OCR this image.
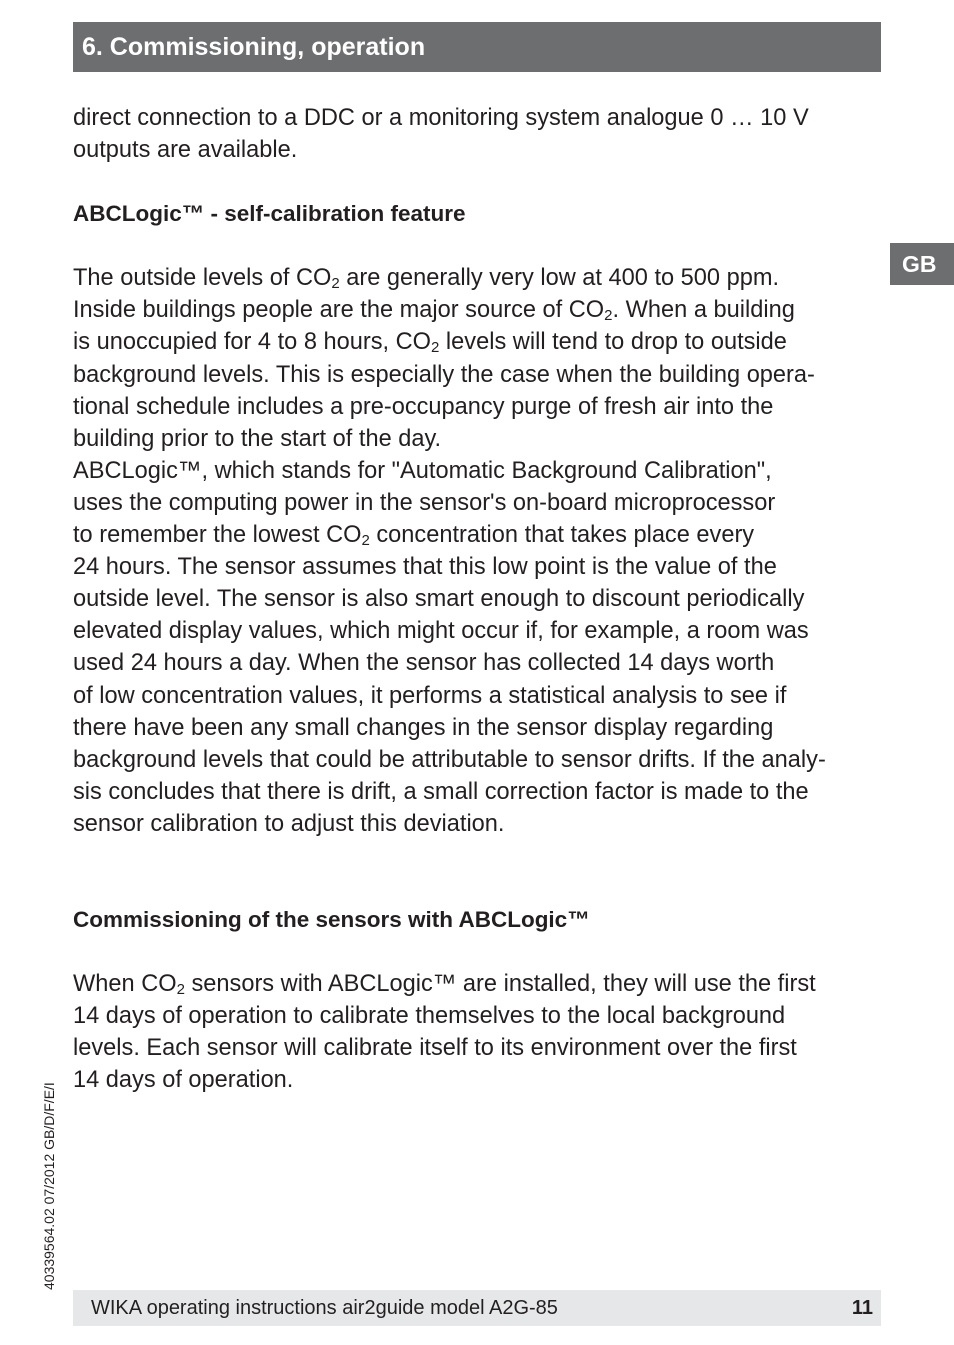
6. Commissioning, operation
GB

direct connection to a DDC or a monitoring system analogue 0 … 10 V

outputs are available.

ABCLogic™ - self-calibration feature

The outside levels of $CO_2$ are generally very low at 400 to 500 ppm.

Inside buildings people are the major source of $CO_2$. When a building

is unoccupied for 4 to 8 hours, $CO_2$ levels will tend to drop to outside

background levels. This is especially the case when the building opera-

tional schedule includes a pre-occupancy purge of fresh air into the

building prior to the start of the day.

ABCLogic™, which stands for "Automatic Background Calibration",

uses the computing power in the sensor's on-board microprocessor

to remember the lowest $CO_2$ concentration that takes place every

24 hours. The sensor assumes that this low point is the value of the

outside level. The sensor is also smart enough to discount periodically

elevated display values, which might occur if, for example, a room was

used 24 hours a day. When the sensor has collected 14 days worth

of low concentration values, it performs a statistical analysis to see if

there have been any small changes in the sensor display regarding

background levels that could be attributable to sensor drifts. If the analy-

sis concludes that there is drift, a small correction factor is made to the

sensor calibration to adjust this deviation.

Commissioning of the sensors with ABCLogic™

When $CO_2$ sensors with ABCLogic™ are installed, they will use the first

14 days of operation to calibrate themselves to the local background

levels. Each sensor will calibrate itself to its environment over the first

14 days of operation.

40339564.02 07/2012 GB/D/F/E/I
WIKA operating instructions air2guide model A2G-85	11
